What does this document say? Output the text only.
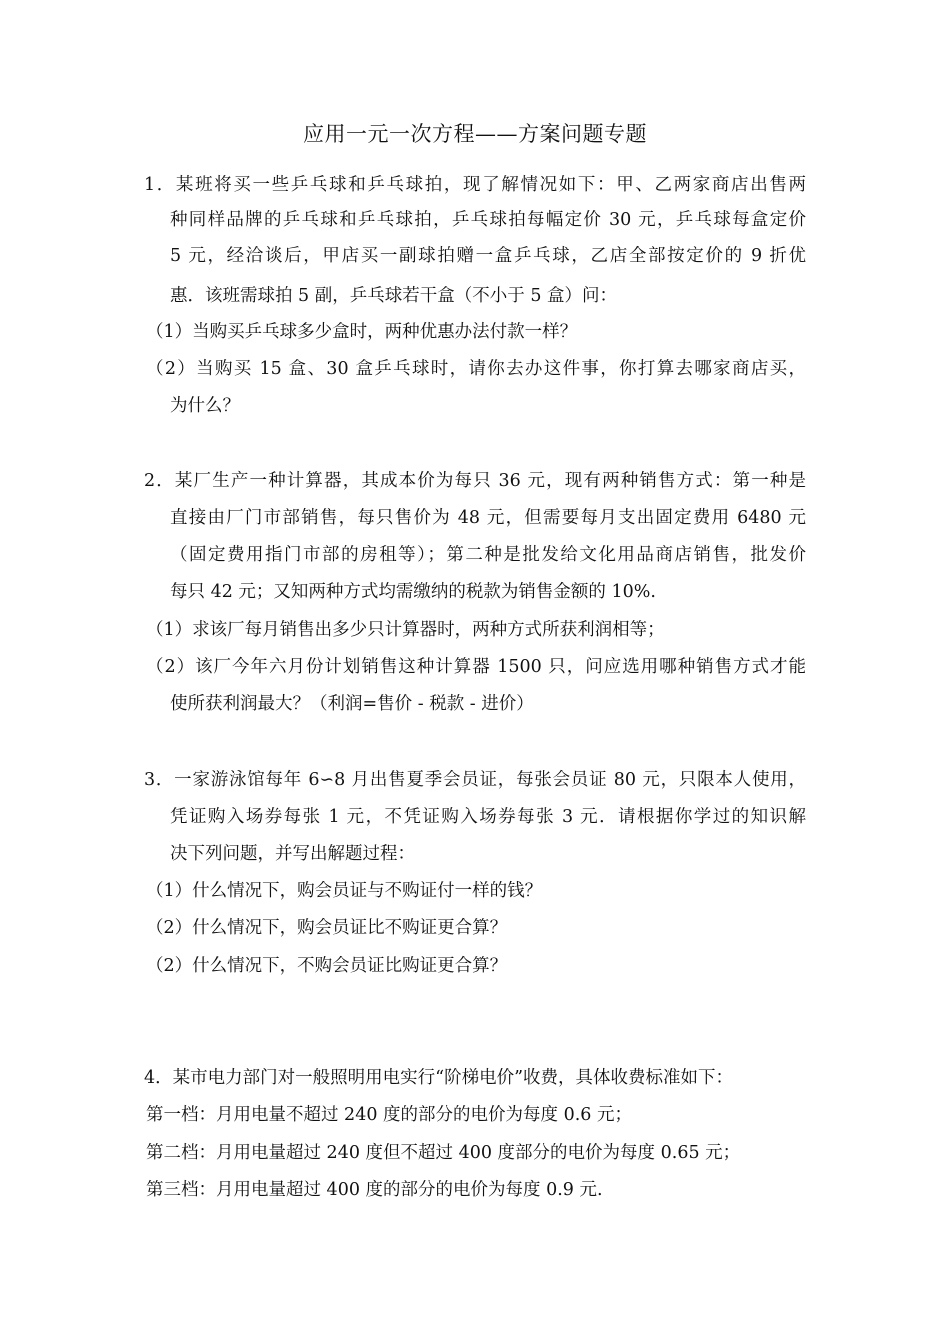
应用一元一次方程——方案问题专题
1．某班将买一些乒乓球和乒乓球拍，现了解情况如下：甲、乙两家商店出售两
种同样品牌的乒乓球和乒乓球拍，乒乓球拍每幅定价 30 元，乒乓球每盒定价
5 元，经洽谈后，甲店买一副球拍赠一盒乒乓球，乙店全部按定价的 9 折优
惠．该班需球拍 5 副，乒乓球若干盒（不小于 5 盒）问：
（1）当购买乒乓球多少盒时，两种优惠办法付款一样？
（2）当购买 15 盒、30 盒乒乓球时，请你去办这件事，你打算去哪家商店买，
为什么？
2．某厂生产一种计算器，其成本价为每只 36 元，现有两种销售方式：第一种是
直接由厂门市部销售，每只售价为 48 元，但需要每月支出固定费用 6480 元
（固定费用指门市部的房租等）；第二种是批发给文化用品商店销售，批发价
每只 42 元；又知两种方式均需缴纳的税款为销售金额的 10%.
（1）求该厂每月销售出多少只计算器时，两种方式所获利润相等；
（2）该厂今年六月份计划销售这种计算器 1500 只，问应选用哪种销售方式才能
使所获利润最大？（利润=售价 - 税款 - 进价）
3．一家游泳馆每年 6∽8 月出售夏季会员证，每张会员证 80 元，只限本人使用，
凭证购入场券每张 1 元，不凭证购入场券每张 3 元．请根据你学过的知识解
决下列问题，并写出解题过程：
（1）什么情况下，购会员证与不购证付一样的钱？
（2）什么情况下，购会员证比不购证更合算？
（2）什么情况下，不购会员证比购证更合算？
4．某市电力部门对一般照明用电实行“阶梯电价”收费，具体收费标准如下：
第一档：月用电量不超过 240 度的部分的电价为每度 0.6 元；
第二档：月用电量超过 240 度但不超过 400 度部分的电价为每度 0.65 元；
第三档：月用电量超过 400 度的部分的电价为每度 0.9 元.
